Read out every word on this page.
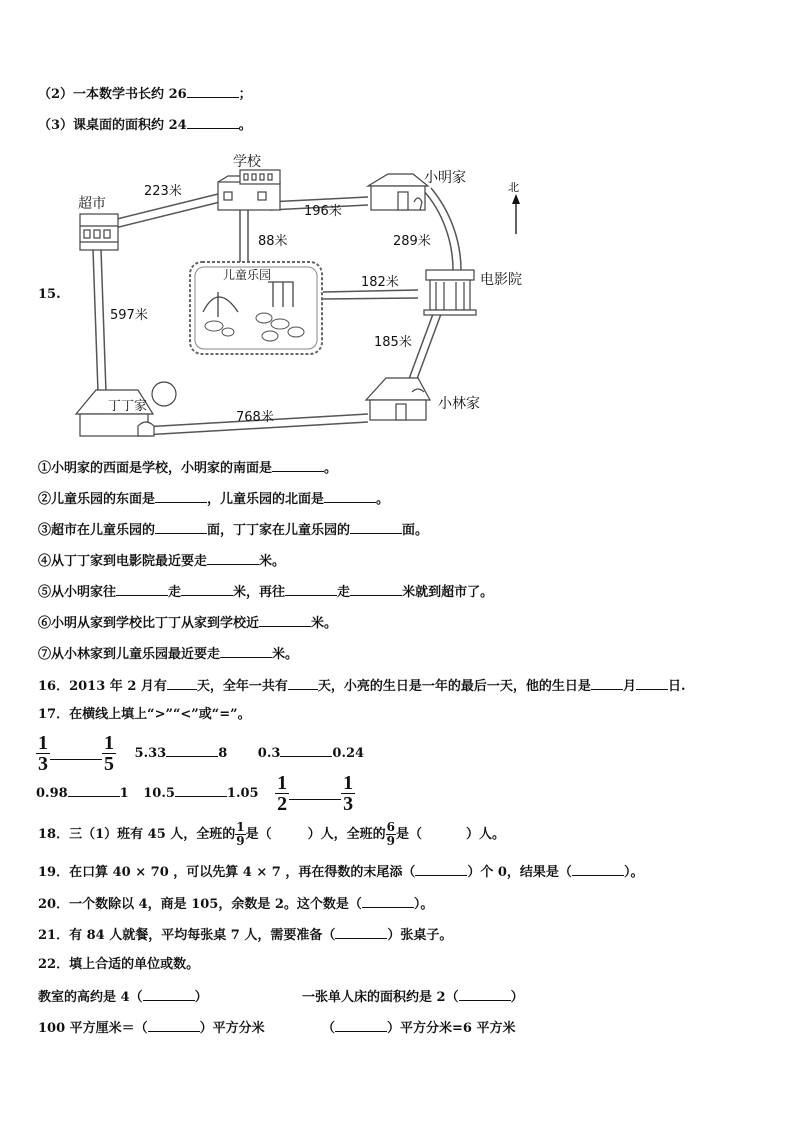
（2）一本数学书长约 26	；
（3）课桌面的面积约 24	。
15.
北
学校
小明家
超市
儿童乐园	电影院
丁丁家	小林家
223米
196米
88米	289米
182米
597米
185米
768米
①小明家的西面是学校，小明家的南面是	。
②儿童乐园的东面是	，儿童乐园的北面是	。
③超市在儿童乐园的	面，丁丁家在儿童乐园的	面。
④从丁丁家到电影院最近要走	米。
⑤从小明家往	走	米，再往	走	米就到超市了。
⑥小明从家到学校比丁丁从家到学校近	米。
⑦从小林家到儿童乐园最近要走	米。
16．2013 年 2 月有 天，全年一共有 天，小亮的生日是一年的最后一天，他的生日是 月 日.
17．在横线上填上“>”“<”或“=”。
$\frac{1}{3}$	$\frac{1}{5} 5.33$	8 0.3	0.24
0.98	1 10.5	$1.05 \frac{1}{2}$	$\frac{1}{3}$
18．三（1）班有 45 人，全班的 $\frac{1}{9}$ 是（	）人，全班的 $\frac{6}{9}$ 是（	）人。
19．在口算 40 × 70 ，可以先算 4 × 7 ，再在得数的末尾添（	）个 0，结果是（	）。
20．一个数除以 4，商是 105，余数是 2。这个数是（	）。
21．有 84 人就餐，平均每张桌 7 人，需要准备（	）张桌子。
22．填上合适的单位或数。
教室的高约是 4（	）	一张单人床的面积约是 2（	）
100 平方厘米＝（	）平方分米	（	）平方分米=6 平方米
